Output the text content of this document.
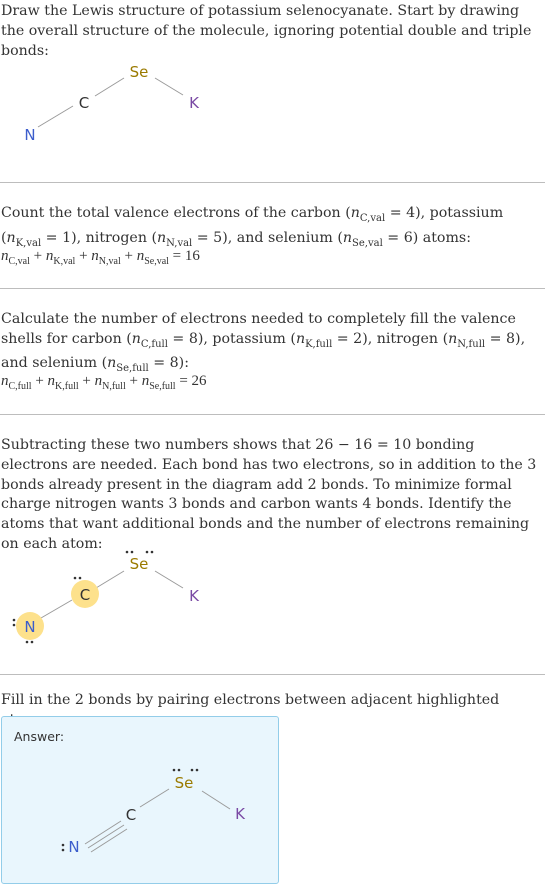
Draw the Lewis structure of potassium selenocyanate. Start by drawing the overall structure of the molecule, ignoring potential double and triple bonds:

Se
C
N
K

Count the total valence electrons of the carbon $(n_{C,val} = 4)$, potassium $(n_{K,val} = 1)$, nitrogen $(n_{N,val} = 5)$, and selenium $(n_{Se,val} = 6)$ atoms:

$n_{C,val} + n_{K,val} + n_{N,val} + n_{Se,val} = 16$

Calculate the number of electrons needed to completely fill the valence shells for carbon $(n_{C,full} = 8)$, potassium $(n_{K,full} = 2)$, nitrogen $(n_{N,full} = 8)$, and selenium $(n_{Se,full} = 8)$:

$n_{C,full} + n_{K,full} + n_{N,full} + n_{Se,full} = 26$

Subtracting these two numbers shows that 26 − 16 = 10 bonding electrons are needed. Each bond has two electrons, so in addition to the 3 bonds already present in the diagram add 2 bonds. To minimize formal charge nitrogen wants 3 bonds and carbon wants 4 bonds. Identify the atoms that want additional bonds and the number of electrons remaining on each atom:

Se
C
N
K

Fill in the 2 bonds by pairing electrons between adjacent highlighted

Answer:
Se
C
N
K
